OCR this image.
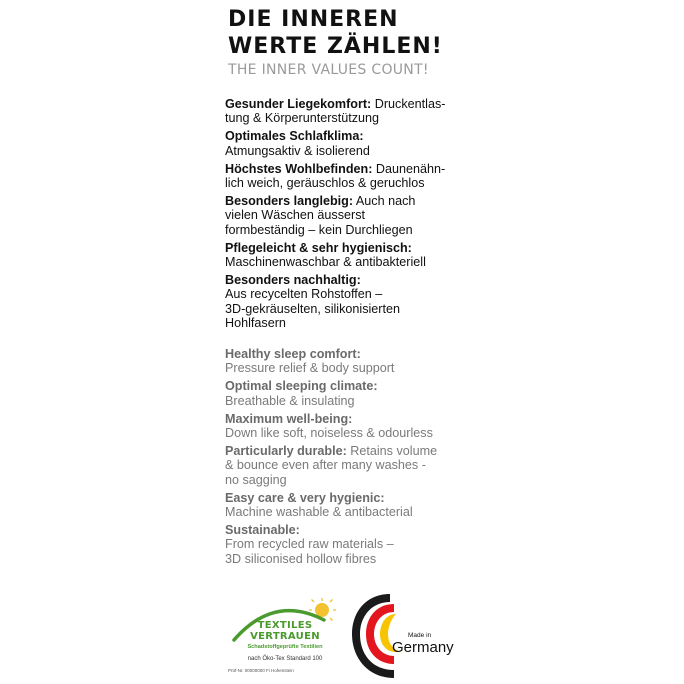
DIE INNEREN
WERTE ZÄHLEN!
THE INNER VALUES COUNT!
Gesunder Liegekomfort: Druckentlas-
tung & Körperunterstützung
Optimales Schlafklima:
Atmungsaktiv & isolierend
Höchstes Wohlbefinden: Daunenähn-
lich weich, geräuschlos & geruchlos
Besonders langlebig: Auch nach
vielen Wäschen äusserst
formbeständig – kein Durchliegen
Pflegeleicht & sehr hygienisch:
Maschinenwaschbar & antibakteriell
Besonders nachhaltig:
Aus recycelten Rohstoffen –
3D-gekräuselten, silikonisierten
Hohlfasern
Healthy sleep comfort:
Pressure relief & body support
Optimal sleeping climate:
Breathable & insulating
Maximum well-being:
Down like soft, noiseless & odourless
Particularly durable: Retains volume
& bounce even after many washes -
no sagging
Easy care & very hygienic:
Machine washable & antibacterial
Sustainable:
From recycled raw materials –
3D siliconised hollow fibres
TEXTILES
VERTRAUEN
Schadstoffgeprüfte Textilien
nach Öko-Tex Standard 100
Prüf-Nr. 00000000 Fi Hohenstein
Made in
Germany
